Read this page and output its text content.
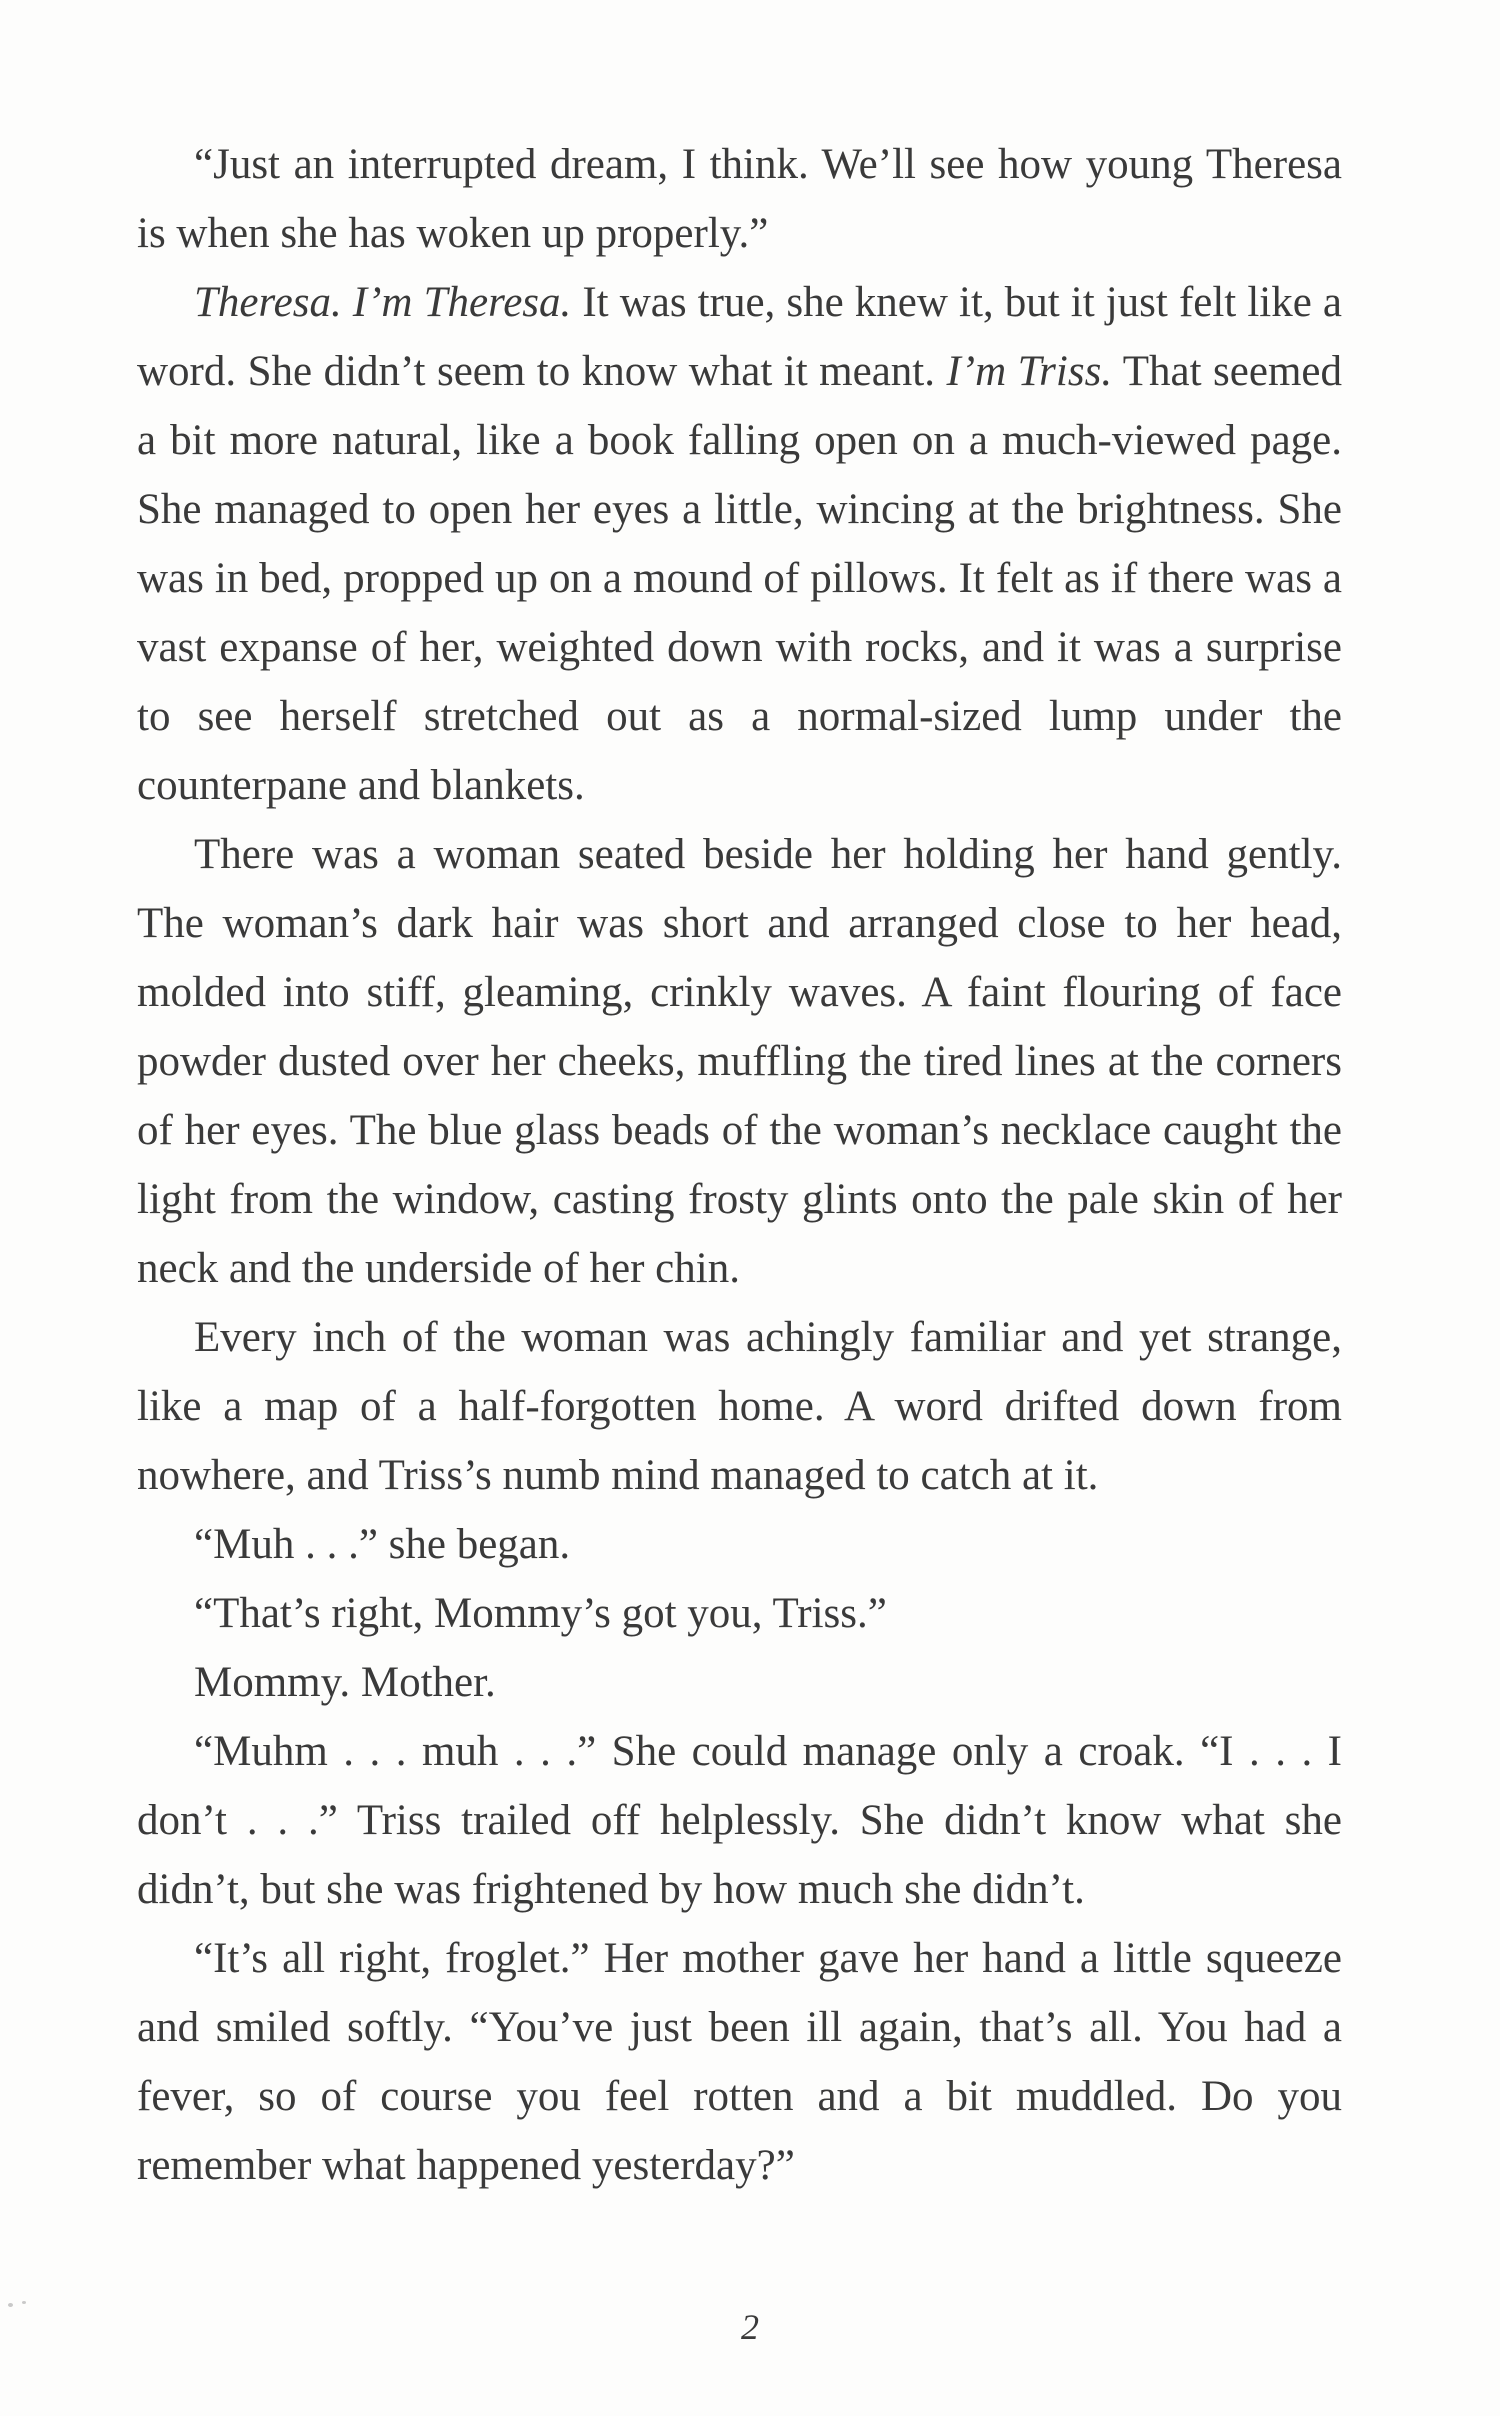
“Just an interrupted dream, I think. We’ll see how young Theresa is when she has woken up properly.”

Theresa. I’m Theresa. It was true, she knew it, but it just felt like a word. She didn’t seem to know what it meant. I’m Triss. That seemed a bit more natural, like a book falling open on a much-viewed page. She managed to open her eyes a little, wincing at the brightness. She was in bed, propped up on a mound of pillows. It felt as if there was a vast expanse of her, weighted down with rocks, and it was a surprise to see herself stretched out as a normal-sized lump under the counterpane and blankets.

There was a woman seated beside her holding her hand gently. The woman’s dark hair was short and arranged close to her head, molded into stiff, gleaming, crinkly waves. A faint flouring of face powder dusted over her cheeks, muffling the tired lines at the corners of her eyes. The blue glass beads of the woman’s necklace caught the light from the window, casting frosty glints onto the pale skin of her neck and the underside of her chin.

Every inch of the woman was achingly familiar and yet strange, like a map of a half-forgotten home. A word drifted down from nowhere, and Triss’s numb mind managed to catch at it.

“Muh . . .” she began.

“That’s right, Mommy’s got you, Triss.”

Mommy. Mother.

“Muhm . . . muh . . .” She could manage only a croak. “I . . . I don’t . . .” Triss trailed off helplessly. She didn’t know what she didn’t, but she was frightened by how much she didn’t.

“It’s all right, froglet.” Her mother gave her hand a little squeeze and smiled softly. “You’ve just been ill again, that’s all. You had a fever, so of course you feel rotten and a bit muddled. Do you remember what happened yesterday?”

2
